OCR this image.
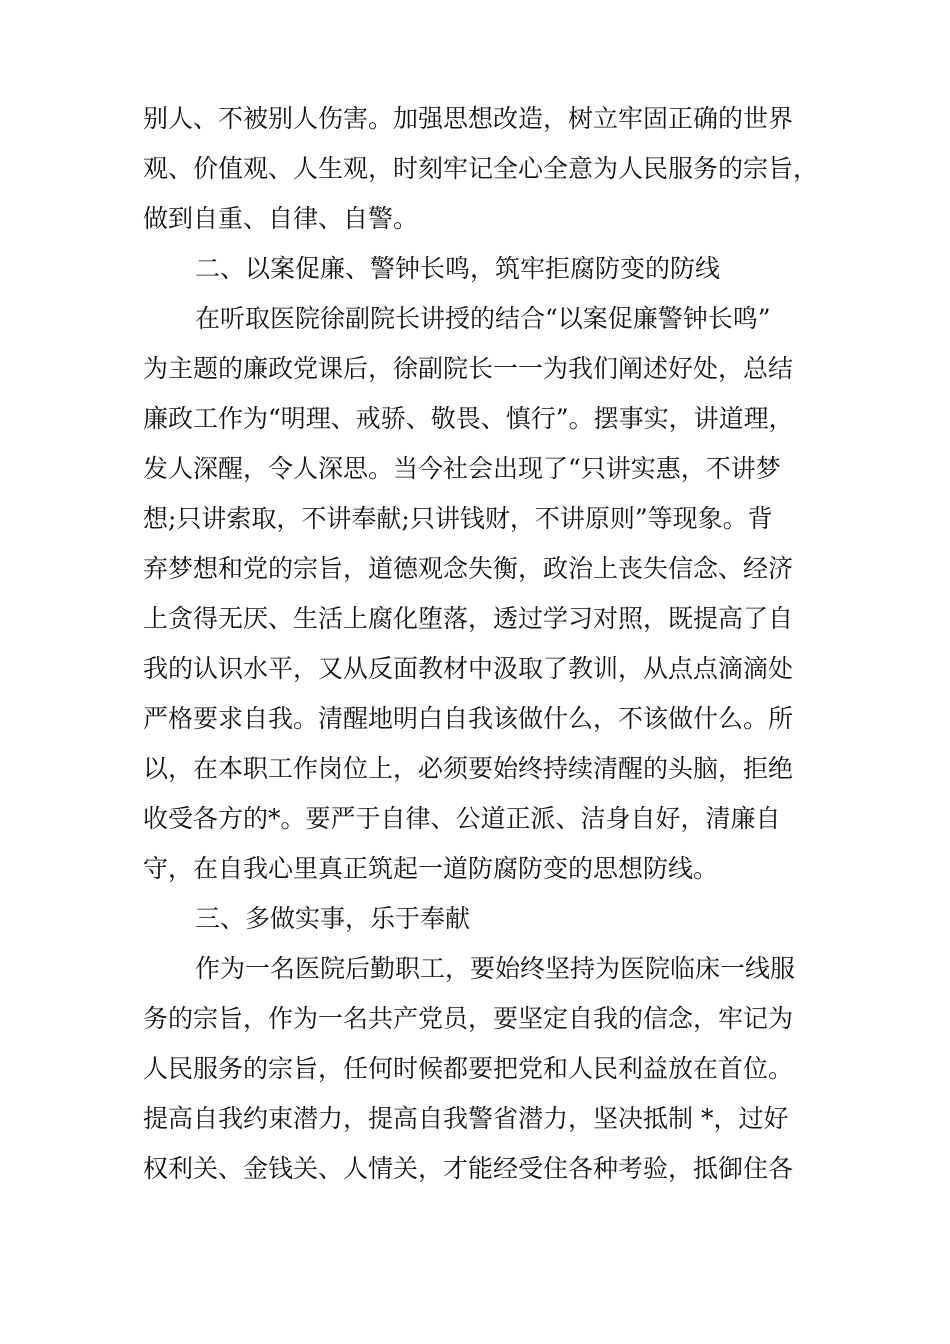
别人、不被别人伤害。加强思想改造，树立牢固正确的世界
观、价值观、人生观，时刻牢记全心全意为人民服务的宗旨，
做到自重、自律、自警。
二、以案促廉、警钟长鸣，筑牢拒腐防变的防线
在听取医院徐副院长讲授的结合“以案促廉警钟长鸣”
为主题的廉政党课后，徐副院长一一为我们阐述好处，总结
廉政工作为“明理、戒骄、敬畏、慎行”。摆事实，讲道理，
发人深醒，令人深思。当今社会出现了“只讲实惠，不讲梦
想;只讲索取，不讲奉献;只讲钱财，不讲原则”等现象。背
弃梦想和党的宗旨，道德观念失衡，政治上丧失信念、经济
上贪得无厌、生活上腐化堕落，透过学习对照，既提高了自
我的认识水平，又从反面教材中汲取了教训，从点点滴滴处
严格要求自我。清醒地明白自我该做什么，不该做什么。所
以，在本职工作岗位上，必须要始终持续清醒的头脑，拒绝
收受各方的*。要严于自律、公道正派、洁身自好，清廉自
守，在自我心里真正筑起一道防腐防变的思想防线。
三、多做实事，乐于奉献
作为一名医院后勤职工，要始终坚持为医院临床一线服
务的宗旨，作为一名共产党员，要坚定自我的信念，牢记为
人民服务的宗旨，任何时候都要把党和人民利益放在首位。
提高自我约束潜力，提高自我警省潜力，坚决抵制 *，过好
权利关、金钱关、人情关，才能经受住各种考验，抵御住各
